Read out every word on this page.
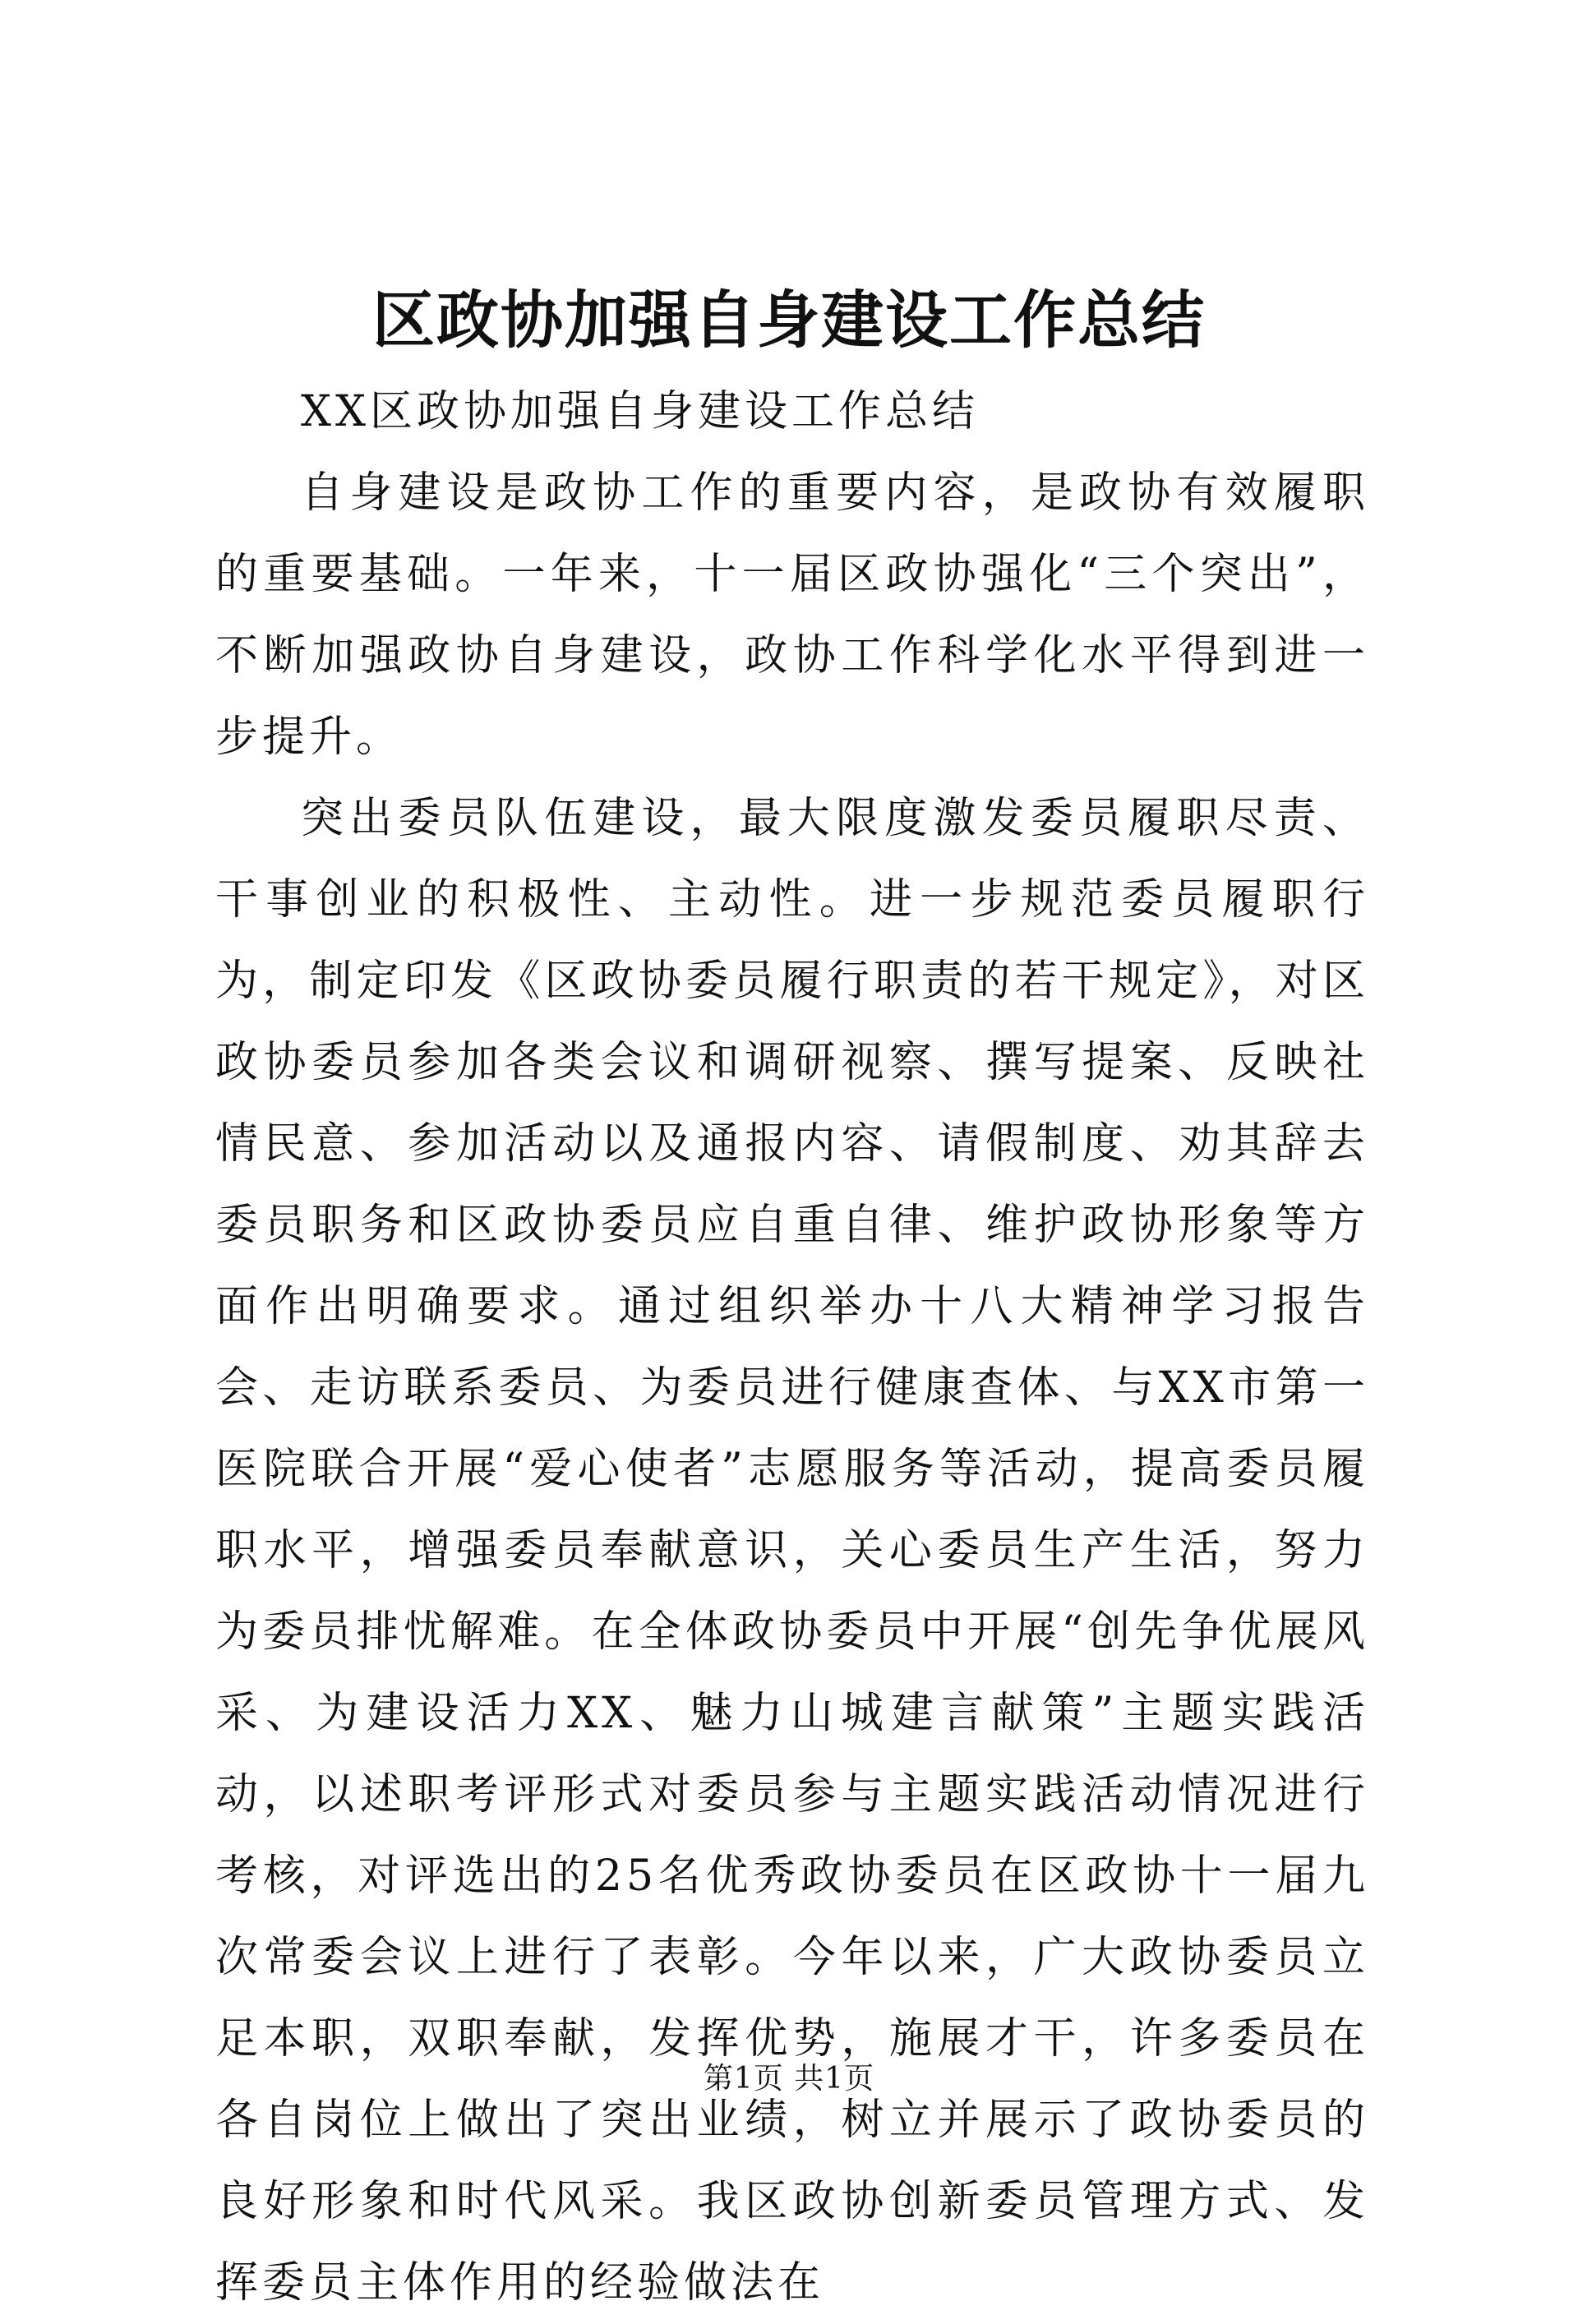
区政协加强自身建设工作总结

XX区政协加强自身建设工作总结

自身建设是政协工作的重要内容，是政协有效履职的重要基础。一年来，十一届区政协强化“三个突出”，不断加强政协自身建设，政协工作科学化水平得到进一步提升。

突出委员队伍建设，最大限度激发委员履职尽责、干事创业的积极性、主动性。进一步规范委员履职行为，制定印发《区政协委员履行职责的若干规定》，对区政协委员参加各类会议和调研视察、撰写提案、反映社情民意、参加活动以及通报内容、请假制度、劝其辞去委员职务和区政协委员应自重自律、维护政协形象等方面作出明确要求。通过组织举办十八大精神学习报告会、走访联系委员、为委员进行健康查体、与XX市第一医院联合开展“爱心使者”志愿服务等活动，提高委员履职水平，增强委员奉献意识，关心委员生产生活，努力为委员排忧解难。在全体政协委员中开展“创先争优展风采、为建设活力XX、魅力山城建言献策”主题实践活动，以述职考评形式对委员参与主题实践活动情况进行考核，对评选出的25名优秀政协委员在区政协十一届九次常委会议上进行了表彰。今年以来，广大政协委员立足本职，双职奉献，发挥优势，施展才干，许多委员在各自岗位上做出了突出业绩，树立并展示了政协委员的良好形象和时代风采。我区政协创新委员管理方式、发挥委员主体作用的经验做法在

第1页 共1页
